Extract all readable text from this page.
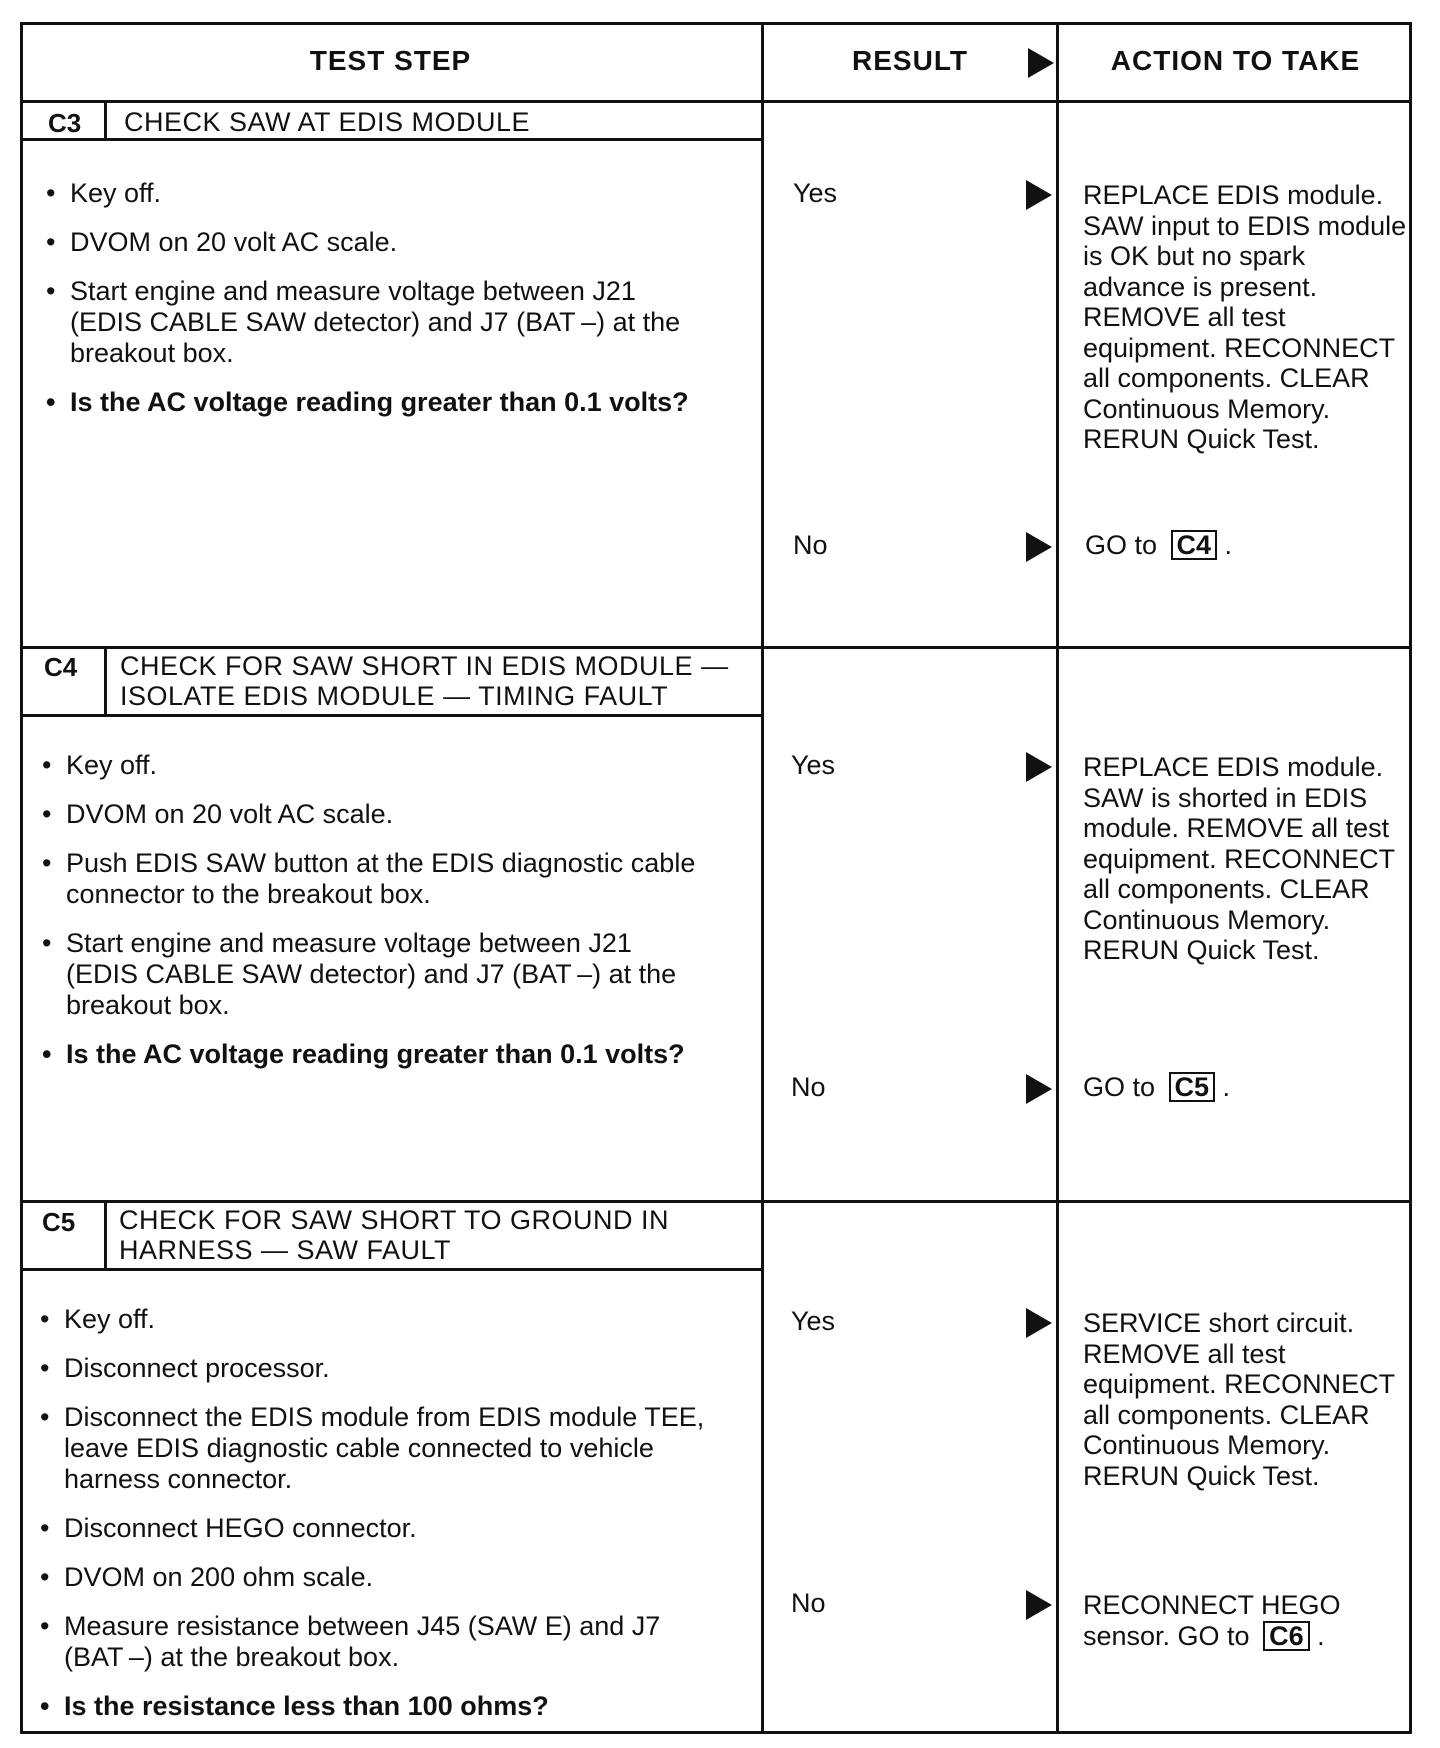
TEST STEP	RESULT	ACTION TO TAKE
C3 CHECK SAW AT EDIS MODULE
• Key off.
• DVOM on 20 volt AC scale.
• Start engine and measure voltage between J21 (EDIS CABLE SAW detector) and J7 (BAT –) at the breakout box.
• Is the AC voltage reading greater than 0.1 volts?
Yes	REPLACE EDIS module. SAW input to EDIS module is OK but no spark advance is present. REMOVE all test equipment. RECONNECT all components. CLEAR Continuous Memory. RERUN Quick Test.
No	GO to C4 .
C4 CHECK FOR SAW SHORT IN EDIS MODULE —
ISOLATE EDIS MODULE — TIMING FAULT
• Key off.
• DVOM on 20 volt AC scale.
• Push EDIS SAW button at the EDIS diagnostic cable connector to the breakout box.
• Start engine and measure voltage between J21 (EDIS CABLE SAW detector) and J7 (BAT –) at the breakout box.
• Is the AC voltage reading greater than 0.1 volts?
Yes	REPLACE EDIS module. SAW is shorted in EDIS module. REMOVE all test equipment. RECONNECT all components. CLEAR Continuous Memory. RERUN Quick Test.
No	GO to C5 .
C5 CHECK FOR SAW SHORT TO GROUND IN
HARNESS — SAW FAULT
• Key off.
• Disconnect processor.
• Disconnect the EDIS module from EDIS module TEE, leave EDIS diagnostic cable connected to vehicle harness connector.
• Disconnect HEGO connector.
• DVOM on 200 ohm scale.
• Measure resistance between J45 (SAW E) and J7 (BAT –) at the breakout box.
• Is the resistance less than 100 ohms?
Yes	SERVICE short circuit. REMOVE all test equipment. RECONNECT all components. CLEAR Continuous Memory. RERUN Quick Test.
No	RECONNECT HEGO sensor. GO to C6 .
